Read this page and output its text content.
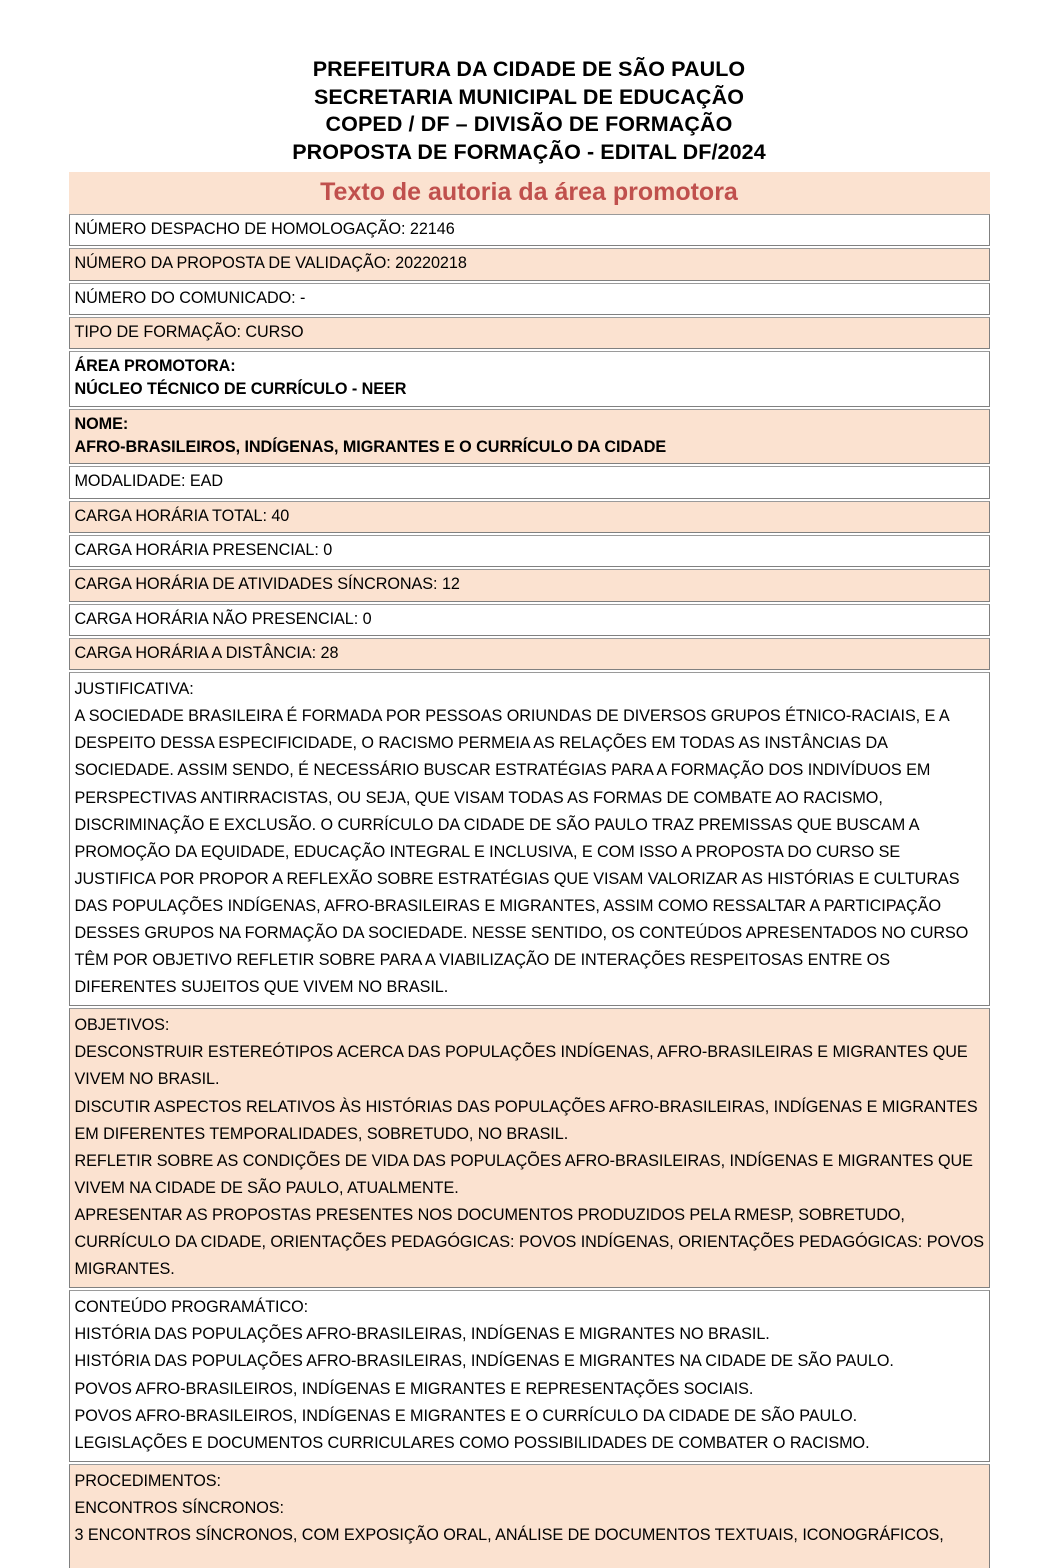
PREFEITURA DA CIDADE DE SÃO PAULO
SECRETARIA MUNICIPAL DE EDUCAÇÃO
COPED / DF – DIVISÃO DE FORMAÇÃO
PROPOSTA DE FORMAÇÃO - EDITAL DF/2024
Texto de autoria da área promotora
NÚMERO DESPACHO DE HOMOLOGAÇÃO: 22146
NÚMERO DA PROPOSTA DE VALIDAÇÃO: 20220218
NÚMERO DO COMUNICADO: -
TIPO DE FORMAÇÃO: CURSO
ÁREA PROMOTORA:
NÚCLEO TÉCNICO DE CURRÍCULO - NEER
NOME:
AFRO-BRASILEIROS, INDÍGENAS, MIGRANTES E O CURRÍCULO DA CIDADE
MODALIDADE: EAD
CARGA HORÁRIA TOTAL: 40
CARGA HORÁRIA PRESENCIAL: 0
CARGA HORÁRIA DE ATIVIDADES SÍNCRONAS: 12
CARGA HORÁRIA NÃO PRESENCIAL: 0
CARGA HORÁRIA A DISTÂNCIA: 28
JUSTIFICATIVA:
A SOCIEDADE BRASILEIRA É FORMADA POR PESSOAS ORIUNDAS DE DIVERSOS GRUPOS ÉTNICO-RACIAIS, E A DESPEITO DESSA ESPECIFICIDADE, O RACISMO PERMEIA AS RELAÇÕES EM TODAS AS INSTÂNCIAS DA SOCIEDADE. ASSIM SENDO, É NECESSÁRIO BUSCAR ESTRATÉGIAS PARA A FORMAÇÃO DOS INDIVÍDUOS EM PERSPECTIVAS ANTIRRACISTAS, OU SEJA, QUE VISAM TODAS AS FORMAS DE COMBATE AO RACISMO, DISCRIMINAÇÃO E EXCLUSÃO. O CURRÍCULO DA CIDADE DE SÃO PAULO TRAZ PREMISSAS QUE BUSCAM A PROMOÇÃO DA EQUIDADE, EDUCAÇÃO INTEGRAL E INCLUSIVA, E COM ISSO A PROPOSTA DO CURSO SE JUSTIFICA POR PROPOR A REFLEXÃO SOBRE ESTRATÉGIAS QUE VISAM VALORIZAR AS HISTÓRIAS E CULTURAS DAS POPULAÇÕES INDÍGENAS, AFRO-BRASILEIRAS E MIGRANTES, ASSIM COMO RESSALTAR A PARTICIPAÇÃO DESSES GRUPOS NA FORMAÇÃO DA SOCIEDADE. NESSE SENTIDO, OS CONTEÚDOS APRESENTADOS NO CURSO TÊM POR OBJETIVO REFLETIR SOBRE PARA A VIABILIZAÇÃO DE INTERAÇÕES RESPEITOSAS ENTRE OS DIFERENTES SUJEITOS QUE VIVEM NO BRASIL.
OBJETIVOS:
DESCONSTRUIR ESTEREÓTIPOS ACERCA DAS POPULAÇÕES INDÍGENAS, AFRO-BRASILEIRAS E MIGRANTES QUE VIVEM NO BRASIL.
DISCUTIR ASPECTOS RELATIVOS ÀS HISTÓRIAS DAS POPULAÇÕES AFRO-BRASILEIRAS, INDÍGENAS E MIGRANTES EM DIFERENTES TEMPORALIDADES, SOBRETUDO, NO BRASIL.
REFLETIR SOBRE AS CONDIÇÕES DE VIDA DAS POPULAÇÕES AFRO-BRASILEIRAS, INDÍGENAS E MIGRANTES QUE VIVEM NA CIDADE DE SÃO PAULO, ATUALMENTE.
APRESENTAR AS PROPOSTAS PRESENTES NOS DOCUMENTOS PRODUZIDOS PELA RMESP, SOBRETUDO, CURRÍCULO DA CIDADE, ORIENTAÇÕES PEDAGÓGICAS: POVOS INDÍGENAS, ORIENTAÇÕES PEDAGÓGICAS: POVOS MIGRANTES.
CONTEÚDO PROGRAMÁTICO:
HISTÓRIA DAS POPULAÇÕES AFRO-BRASILEIRAS, INDÍGENAS E MIGRANTES NO BRASIL.
HISTÓRIA DAS POPULAÇÕES AFRO-BRASILEIRAS, INDÍGENAS E MIGRANTES NA CIDADE DE SÃO PAULO.
POVOS AFRO-BRASILEIROS, INDÍGENAS E MIGRANTES E REPRESENTAÇÕES SOCIAIS.
POVOS AFRO-BRASILEIROS, INDÍGENAS E MIGRANTES E O CURRÍCULO DA CIDADE DE SÃO PAULO.
LEGISLAÇÕES E DOCUMENTOS CURRICULARES COMO POSSIBILIDADES DE COMBATER O RACISMO.
PROCEDIMENTOS:
ENCONTROS SÍNCRONOS:
3 ENCONTROS SÍNCRONOS, COM EXPOSIÇÃO ORAL, ANÁLISE DE DOCUMENTOS TEXTUAIS, ICONOGRÁFICOS,
